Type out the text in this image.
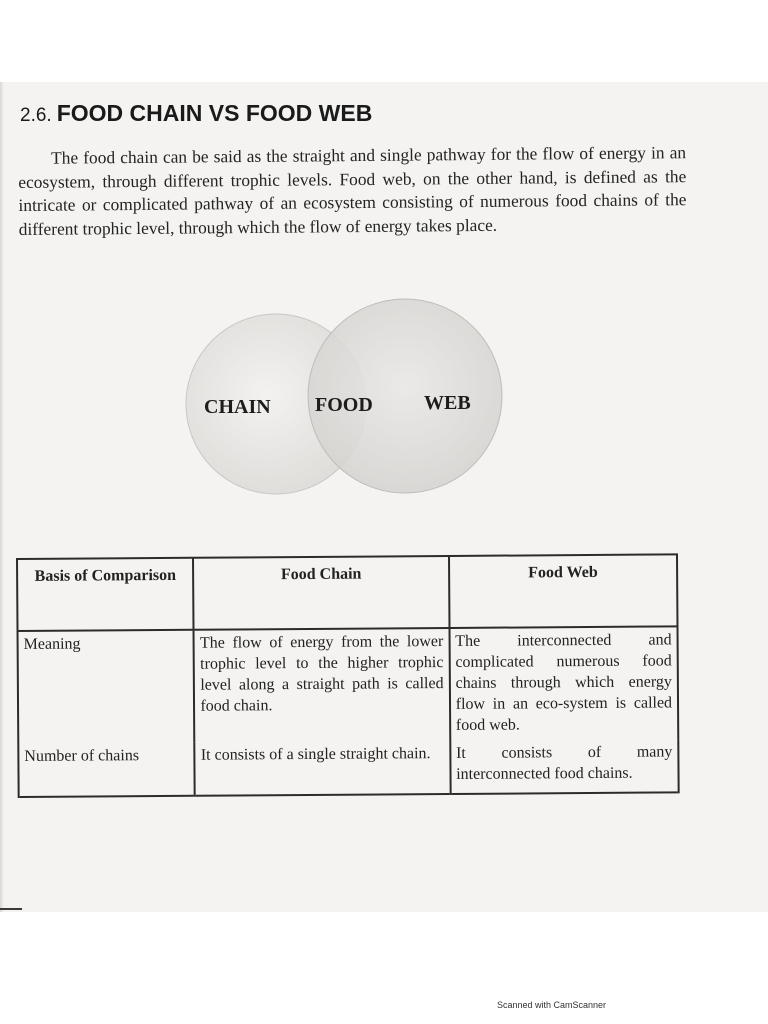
2.6. FOOD CHAIN VS FOOD WEB

The food chain can be said as the straight and single pathway for the flow of energy in an ecosystem, through different trophic levels. Food web, on the other hand, is defined as the intricate or complicated pathway of an ecosystem consisting of numerous food chains of the different trophic level, through which the flow of energy takes place.

CHAIN FOOD	WEB
Basis of Comparison	Food Chain	Food Web
Meaning	The flow of energy from the lower trophic level to the higher trophic level along a straight path is called food chain.	The interconnected and complicated numerous food chains through which energy flow in an eco-system is called food web.
Number of chains	It consists of a single straight chain.	It consists of many interconnected food chains.

Scanned with CamScanner
